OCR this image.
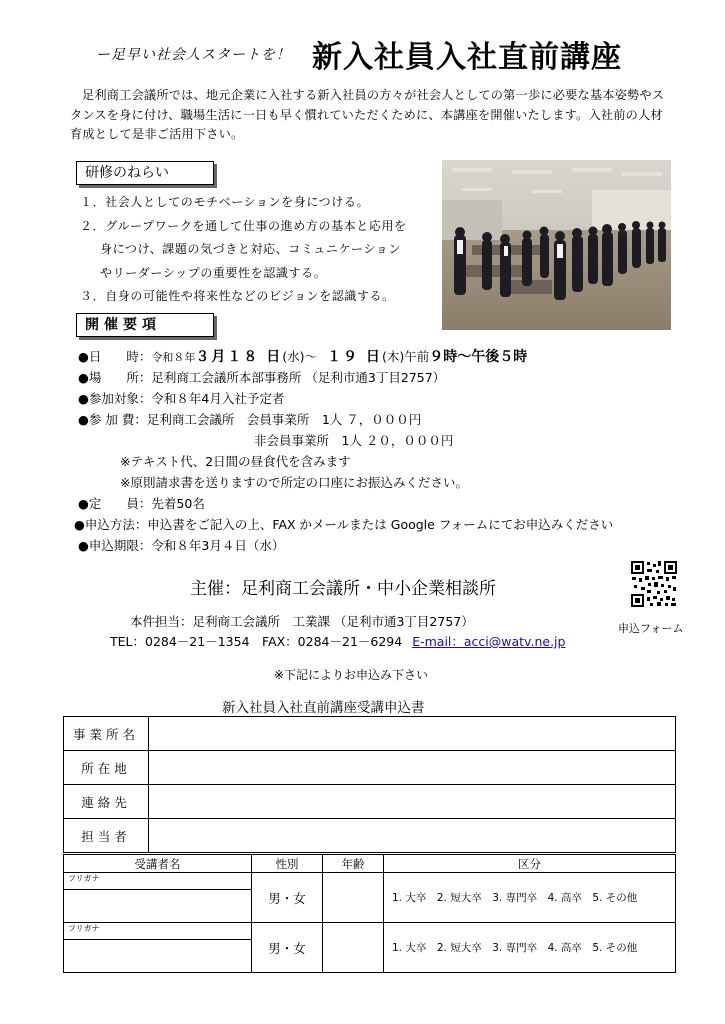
ー足早い社会人スタートを！ 新入社員入社直前講座
足利商工会議所では、地元企業に入社する新入社員の方々が社会人としての第一歩に必要な基本姿勢やスタンスを身に付け、職場生活に一日も早く慣れていただくために、本講座を開催いたします。入社前の人材育成として是非ご活用下さい。
研修のねらい
１．社会人としてのモチベーションを身につける。
２．グループワークを通して仕事の進め方の基本と応用を
身につけ、課題の気づきと対応、コミュニケーション
やリーダーシップの重要性を認識する。
３．自身の可能性や将来性などのビジョンを認識する。
開催要項
●日　　時：令和８年３月１８ 日(水)～ １９ 日(木)午前９時～午後５時
●場　　所：足利商工会議所本部事務所 （足利市通3丁目2757）
●参加対象：令和８年4月入社予定者
●参 加 費：足利商工会議所　会員事業所　1人 ７，０００円
非会員事業所　1人 ２０，０００円
※テキスト代、2日間の昼食代を含みます
※原則請求書を送りますので所定の口座にお振込みください。
●定　　員：先着50名
●申込方法：申込書をご記入の上、FAX かメールまたは Google フォームにてお申込みください
●申込期限：令和８年3月４日（水）
主催：足利商工会議所・中小企業相談所
申込フォーム
本件担当：足利商工会議所　工業課 （足利市通3丁目2757）
TEL：0284－21－1354　FAX：0284－21－6294 E-mail：acci@watv.ne.jp
※下記によりお申込み下さい
新入社員入社直前講座受講申込書
事業所名	
所在地	
連絡先	
担当者	
受講者名	性別	年齢	区分
フリガナ	男・女		1. 大卒　2. 短大卒　3. 専門卒　4. 高卒　5. その他

フリガナ	男・女		1. 大卒　2. 短大卒　3. 専門卒　4. 高卒　5. その他
